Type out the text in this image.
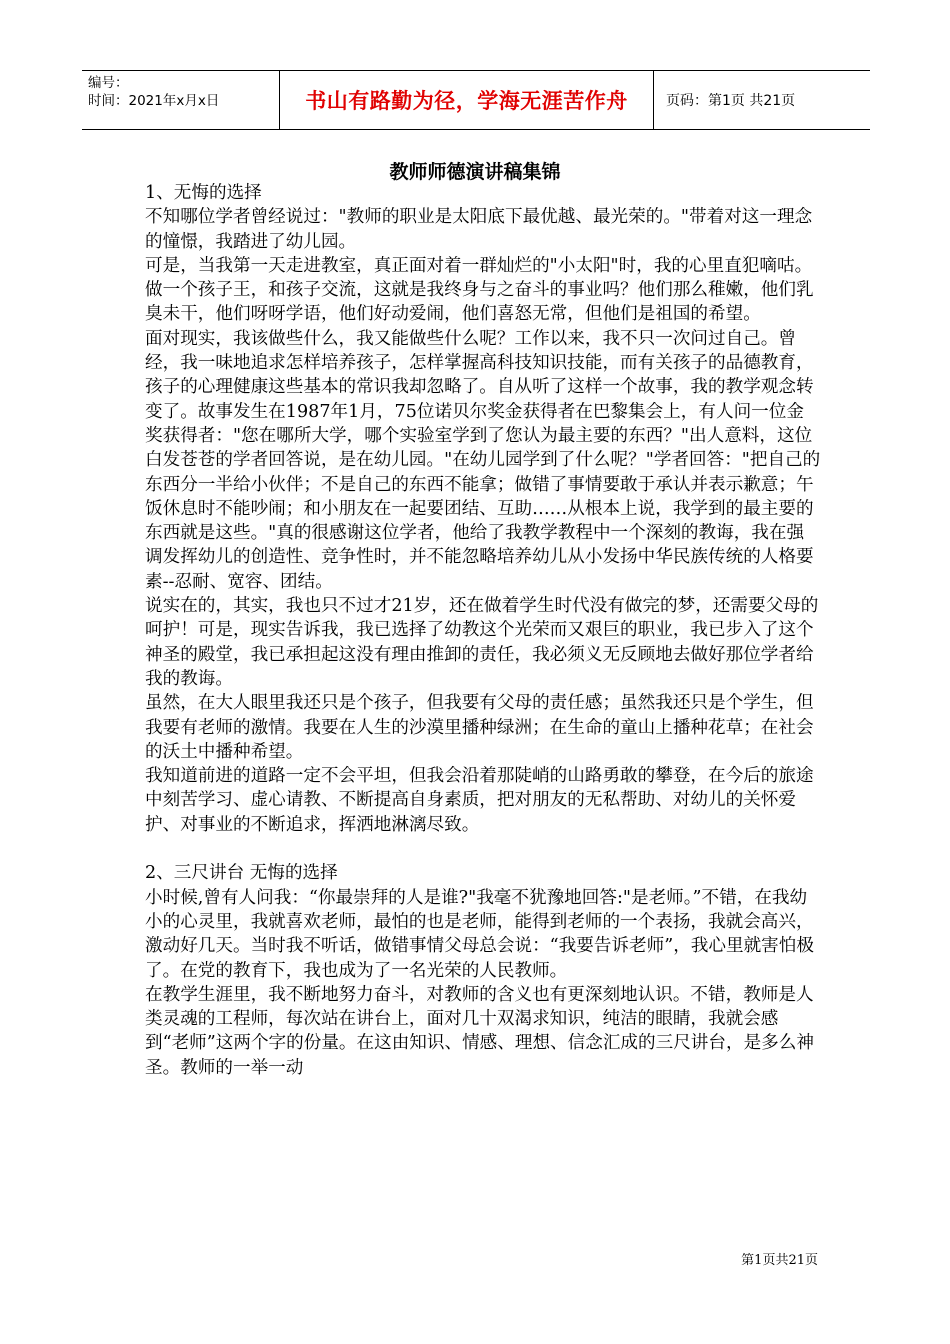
编号：
时间：2021年x月x日	书山有路勤为径，学海无涯苦作舟	页码：第1页 共21页
教师师德演讲稿集锦

1、无悔的选择

不知哪位学者曾经说过："教师的职业是太阳底下最优越、最光荣的。"带着对这一理念的憧憬，我踏进了幼儿园。

可是，当我第一天走进教室，真正面对着一群灿烂的"小太阳"时，我的心里直犯嘀咕。做一个孩子王，和孩子交流，这就是我终身与之奋斗的事业吗？他们那么稚嫩，他们乳臭未干，他们呀呀学语，他们好动爱闹，他们喜怒无常，但他们是祖国的希望。

面对现实，我该做些什么，我又能做些什么呢？工作以来，我不只一次问过自己。曾经，我一味地追求怎样培养孩子，怎样掌握高科技知识技能，而有关孩子的品德教育，孩子的心理健康这些基本的常识我却忽略了。自从听了这样一个故事，我的教学观念转变了。故事发生在1987年1月，75位诺贝尔奖金获得者在巴黎集会上，有人问一位金奖获得者："您在哪所大学，哪个实验室学到了您认为最主要的东西？"出人意料，这位白发苍苍的学者回答说，是在幼儿园。"在幼儿园学到了什么呢？"学者回答："把自己的东西分一半给小伙伴；不是自己的东西不能拿；做错了事情要敢于承认并表示歉意；午饭休息时不能吵闹；和小朋友在一起要团结、互助……从根本上说，我学到的最主要的东西就是这些。"真的很感谢这位学者，他给了我教学教程中一个深刻的教诲，我在强调发挥幼儿的创造性、竞争性时，并不能忽略培养幼儿从小发扬中华民族传统的人格要素--忍耐、宽容、团结。

说实在的，其实，我也只不过才21岁，还在做着学生时代没有做完的梦，还需要父母的呵护！可是，现实告诉我，我已选择了幼教这个光荣而又艰巨的职业，我已步入了这个神圣的殿堂，我已承担起这没有理由推卸的责任，我必须义无反顾地去做好那位学者给我的教诲。

虽然，在大人眼里我还只是个孩子，但我要有父母的责任感；虽然我还只是个学生，但我要有老师的激情。我要在人生的沙漠里播种绿洲；在生命的童山上播种花草；在社会的沃土中播种希望。

我知道前进的道路一定不会平坦，但我会沿着那陡峭的山路勇敢的攀登，在今后的旅途中刻苦学习、虚心请教、不断提高自身素质，把对朋友的无私帮助、对幼儿的关怀爱护、对事业的不断追求，挥洒地淋漓尽致。

2、三尺讲台 无悔的选择

小时候,曾有人问我：“你最崇拜的人是谁?"我毫不犹豫地回答:"是老师。”不错，在我幼小的心灵里，我就喜欢老师，最怕的也是老师，能得到老师的一个表扬，我就会高兴，激动好几天。当时我不听话，做错事情父母总会说：“我要告诉老师”，我心里就害怕极了。在党的教育下，我也成为了一名光荣的人民教师。

在教学生涯里，我不断地努力奋斗，对教师的含义也有更深刻地认识。不错，教师是人类灵魂的工程师，每次站在讲台上，面对几十双渴求知识，纯洁的眼睛，我就会感到“老师”这两个字的份量。在这由知识、情感、理想、信念汇成的三尺讲台，是多么神圣。教师的一举一动

第1页共21页
